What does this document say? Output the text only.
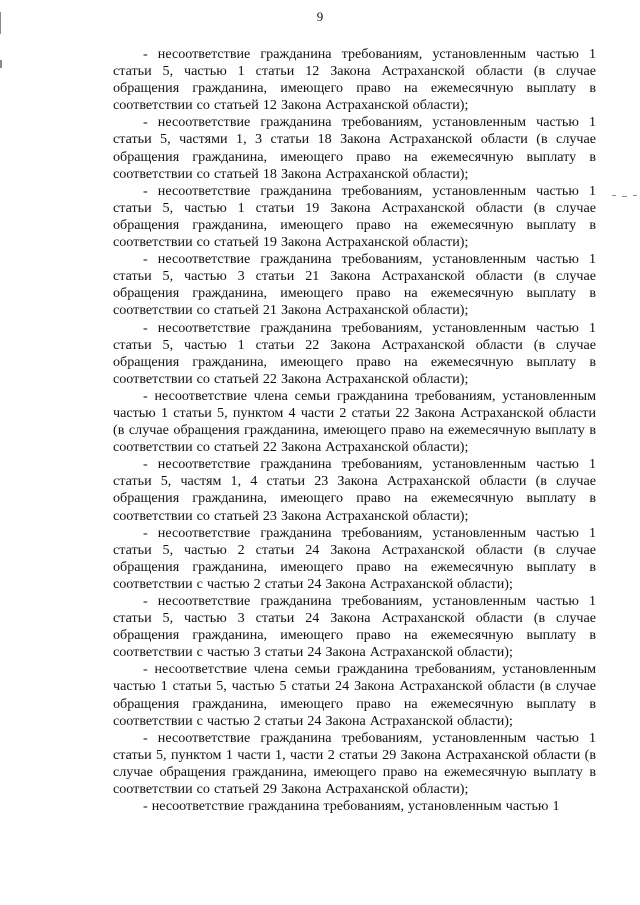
9

- несоответствие гражданина требованиям, установленным частью 1 статьи 5, частью 1 статьи 12 Закона Астраханской области (в случае обращения гражданина, имеющего право на ежемесячную выплату в соответствии со статьей 12 Закона Астраханской области);

- несоответствие гражданина требованиям, установленным частью 1 статьи 5, частями 1, 3 статьи 18 Закона Астраханской области (в случае обращения гражданина, имеющего право на ежемесячную выплату в соответствии со статьей 18 Закона Астраханской области);

- несоответствие гражданина требованиям, установленным частью 1 статьи 5, частью 1 статьи 19 Закона Астраханской области (в случае обращения гражданина, имеющего право на ежемесячную выплату в соответствии со статьей 19 Закона Астраханской области);

- несоответствие гражданина требованиям, установленным частью 1 статьи 5, частью 3 статьи 21 Закона Астраханской области (в случае обращения гражданина, имеющего право на ежемесячную выплату в соответствии со статьей 21 Закона Астраханской области);

- несоответствие гражданина требованиям, установленным частью 1 статьи 5, частью 1 статьи 22 Закона Астраханской области (в случае обращения гражданина, имеющего право на ежемесячную выплату в соответствии со статьей 22 Закона Астраханской области);

- несоответствие члена семьи гражданина требованиям, установленным частью 1 статьи 5, пунктом 4 части 2 статьи 22 Закона Астраханской области (в случае обращения гражданина, имеющего право на ежемесячную выплату в соответствии со статьей 22 Закона Астраханской области);

- несоответствие гражданина требованиям, установленным частью 1 статьи 5, частям 1, 4 статьи 23 Закона Астраханской области (в случае обращения гражданина, имеющего право на ежемесячную выплату в соответствии со статьей 23 Закона Астраханской области);

- несоответствие гражданина требованиям, установленным частью 1 статьи 5, частью 2 статьи 24 Закона Астраханской области (в случае обращения гражданина, имеющего право на ежемесячную выплату в соответствии с частью 2 статьи 24 Закона Астраханской области);

- несоответствие гражданина требованиям, установленным частью 1 статьи 5, частью 3 статьи 24 Закона Астраханской области (в случае обращения гражданина, имеющего право на ежемесячную выплату в соответствии с частью 3 статьи 24 Закона Астраханской области);

- несоответствие члена семьи гражданина требованиям, установленным частью 1 статьи 5, частью 5 статьи 24 Закона Астраханской области (в случае обращения гражданина, имеющего право на ежемесячную выплату в соответствии с частью 2 статьи 24 Закона Астраханской области);

- несоответствие гражданина требованиям, установленным частью 1 статьи 5, пунктом 1 части 1, части 2 статьи 29 Закона Астраханской области (в случае обращения гражданина, имеющего право на ежемесячную выплату в соответствии со статьей 29 Закона Астраханской области);

- несоответствие гражданина требованиям, установленным частью 1
